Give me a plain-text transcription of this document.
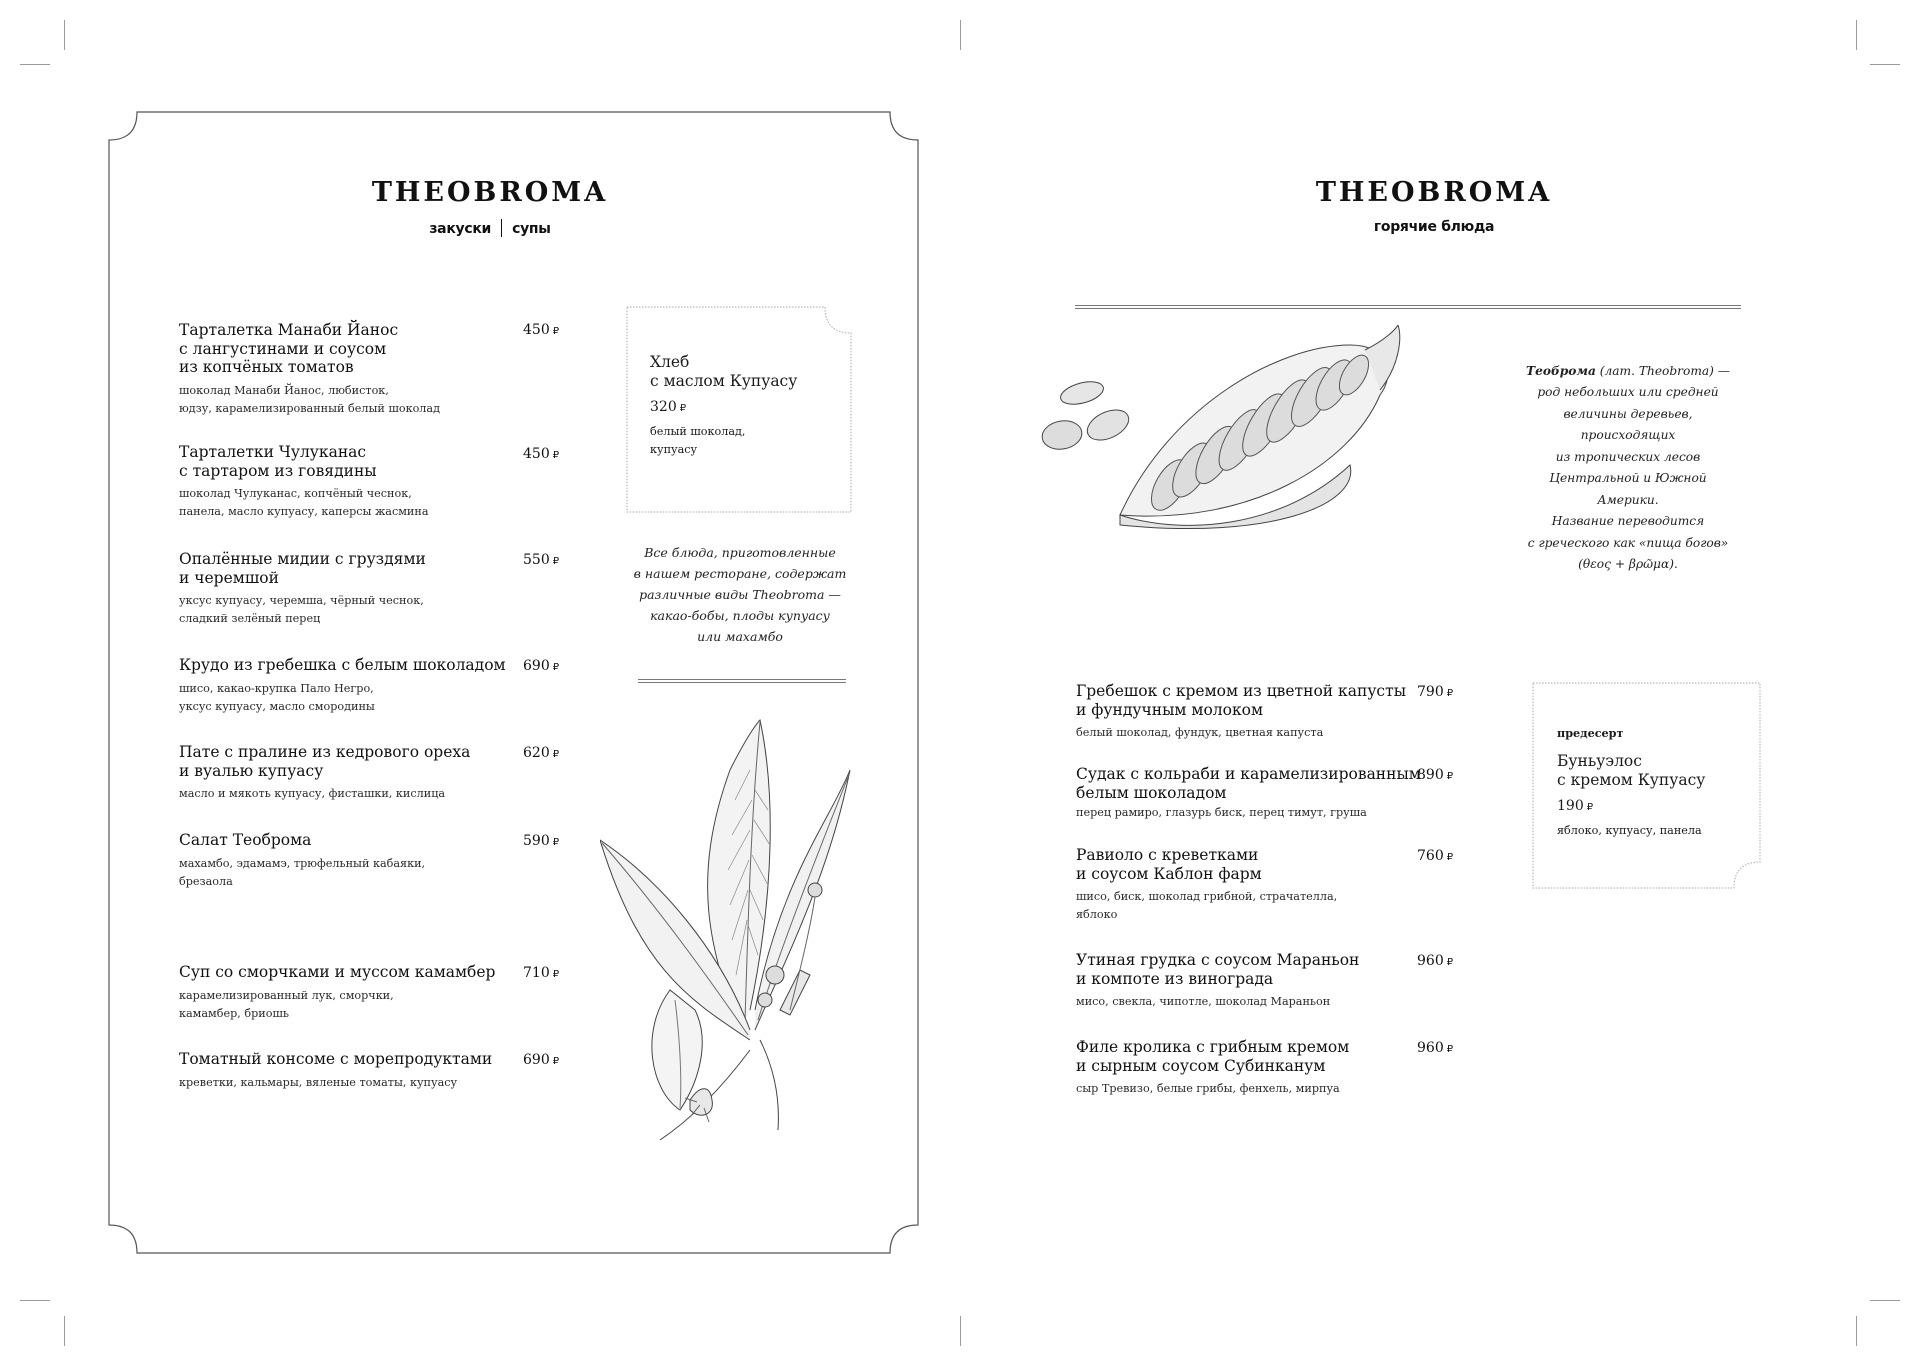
THEOBROMA
закуски супы
Тарталетка Манаби Йанос
с лангустинами и соусом
из копчёных томатов
шоколад Манаби Йанос, любисток,
юдзу, карамелизированный белый шоколад
450 ₽
Тарталетки Чулуканас
с тартаром из говядины
шоколад Чулуканас, копчёный чеснок,
панела, масло купуасу, каперсы жасмина
450 ₽
Опалённые мидии с груздями
и черемшой
уксус купуасу, черемша, чёрный чеснок,
сладкий зелёный перец
550 ₽
Крудо из гребешка с белым шоколадом
шисо, какао-крупка Пало Негро,
уксус купуасу, масло смородины
690 ₽
Пате с пралине из кедрового ореха
и вуалью купуасу
масло и мякоть купуасу, фисташки, кислица
620 ₽
Салат Теоброма
махамбо, эдамамэ, трюфельный кабаяки,
брезаола
590 ₽
Суп со сморчками и муссом камамбер
карамелизированный лук, сморчки,
камамбер, бриошь
710 ₽
Томатный консоме с морепродуктами
креветки, кальмары, вяленые томаты, купуасу
690 ₽
Хлеб
с маслом Купуасу
320 ₽
белый шоколад,
купуасу
Все блюда, приготовленные
в нашем ресторане, содержат
различные виды Theobroma —
какао-бобы, плоды купуасу
или махамбо
THEOBROMA
горячие блюда

Теоброма (лат. Theobroma) —
род небольших или средней
величины деревьев, происходящих
из тропических лесов
Центральной и Южной Америки.
Название переводится
с греческого как «пища богов»
(θεος + βρῶμα).

Гребешок с кремом из цветной капусты
и фундучным молоком
белый шоколад, фундук, цветная капуста
790 ₽
Судак с кольраби и карамелизированным
белым шоколадом
перец рамиро, глазурь биск, перец тимут, груша
890 ₽
Равиоло с креветками
и соусом Каблон фарм
шисо, биск, шоколад грибной, страчателла,
яблоко
760 ₽
Утиная грудка с соусом Мараньон
и компоте из винограда
мисо, свекла, чипотле, шоколад Мараньон
960 ₽
Филе кролика с грибным кремом
и сырным соусом Субинканум
сыр Тревизо, белые грибы, фенхель, мирпуа
960 ₽
предесерт
Буньуэлос
с кремом Купуасу
190 ₽
яблоко, купуасу, панела
